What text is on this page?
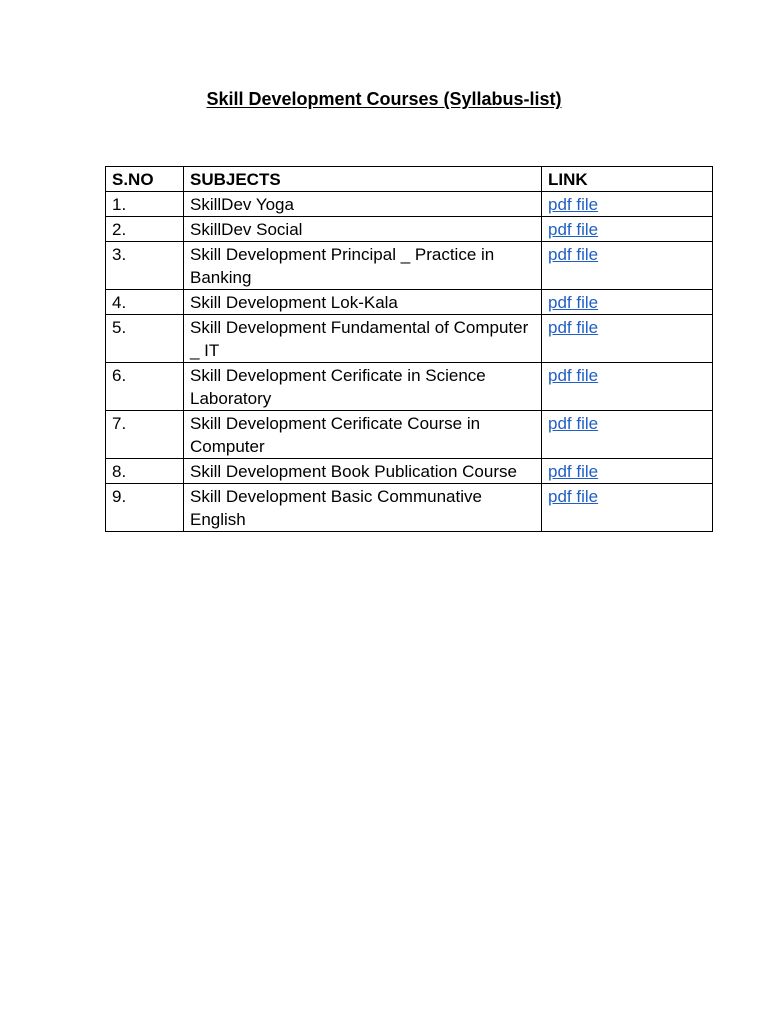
Skill Development Courses (Syllabus-list)
S.NO	SUBJECTS	LINK
1.	SkillDev Yoga	pdf file
2.	SkillDev Social	pdf file
3.	Skill Development Principal _ Practice in Banking	pdf file
4.	Skill Development Lok-Kala	pdf file
5.	Skill Development Fundamental of Computer _ IT	pdf file
6.	Skill Development Cerificate in Science Laboratory	pdf file
7.	Skill Development Cerificate Course in Computer	pdf file
8.	Skill Development Book Publication Course	pdf file
9.	Skill Development Basic Communative English	pdf file
